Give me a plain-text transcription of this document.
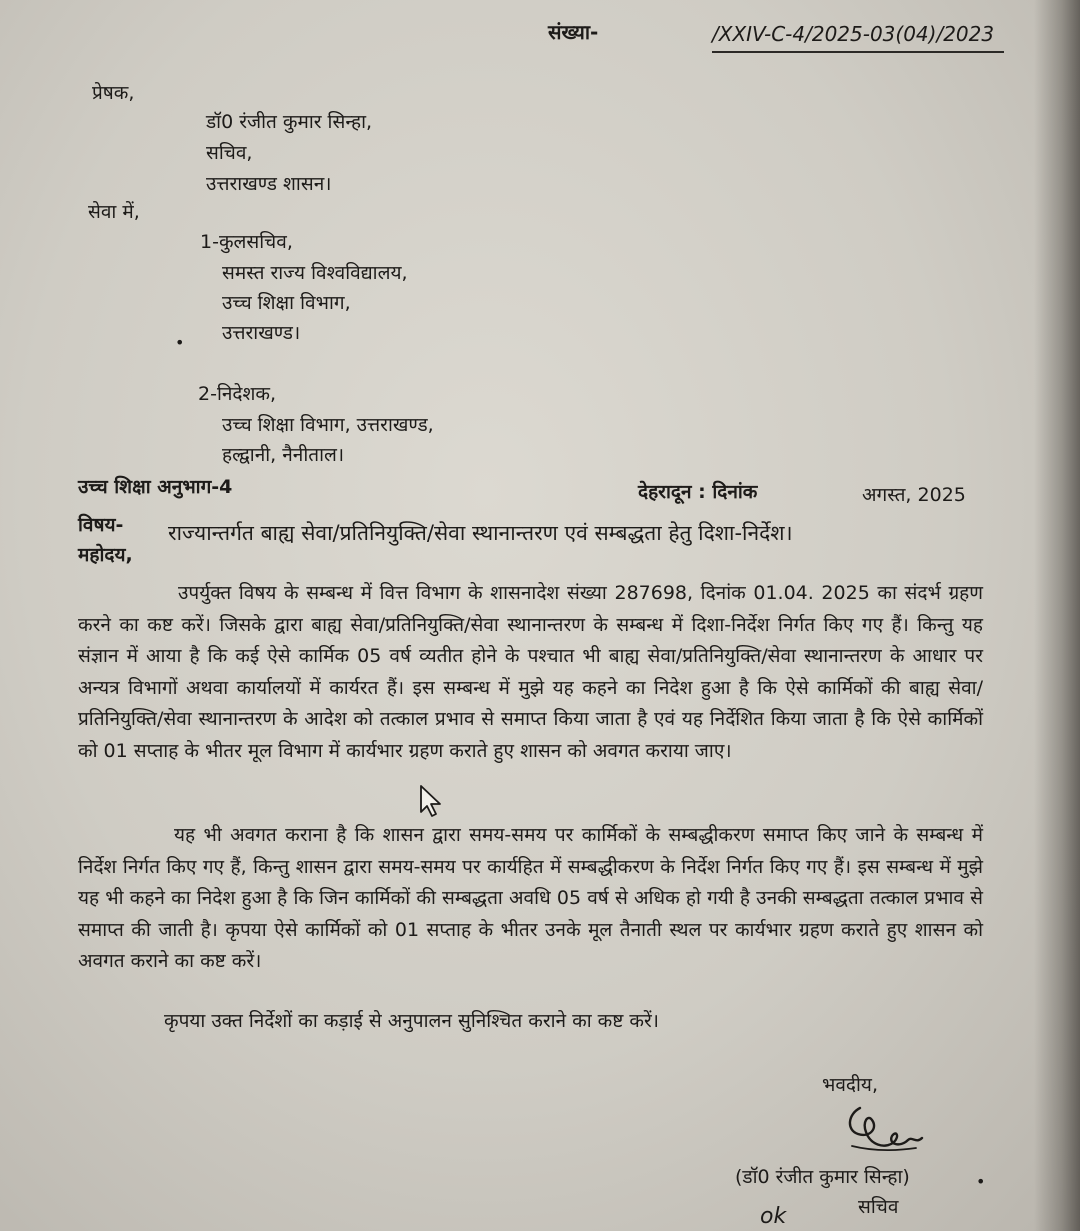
संख्या-	/XXIV-C-4/2025-03(04)/2023
प्रेषक,
डॉ0 रंजीत कुमार सिन्हा,
सचिव,
उत्तराखण्ड शासन।
सेवा में,
1-कुलसचिव,
समस्त राज्य विश्वविद्यालय,
उच्च शिक्षा विभाग,
• उत्तराखण्ड।
2-निदेशक,
उच्च शिक्षा विभाग, उत्तराखण्ड,
हल्द्वानी, नैनीताल।
उच्च शिक्षा अनुभाग-4	देहरादून : दिनांक	अगस्त, 2025
विषय- राज्यान्तर्गत बाह्य सेवा/प्रतिनियुक्ति/सेवा स्थानान्तरण एवं सम्बद्धता हेतु दिशा-निर्देश।
महोदय,
उपर्युक्त विषय के सम्बन्ध में वित्त विभाग के शासनादेश संख्या 287698, दिनांक 01.04. 2025 का संदर्भ ग्रहण करने का कष्ट करें। जिसके द्वारा बाह्य सेवा/प्रतिनियुक्ति/सेवा स्थानान्तरण के सम्बन्ध में दिशा-निर्देश निर्गत किए गए हैं। किन्तु यह संज्ञान में आया है कि कई ऐसे कार्मिक 05 वर्ष व्यतीत होने के पश्चात भी बाह्य सेवा/प्रतिनियुक्ति/सेवा स्थानान्तरण के आधार पर अन्यत्र विभागों अथवा कार्यालयों में कार्यरत हैं। इस सम्बन्ध में मुझे यह कहने का निदेश हुआ है कि ऐसे कार्मिकों की बाह्य सेवा/प्रतिनियुक्ति/सेवा स्थानान्तरण के आदेश को तत्काल प्रभाव से समाप्त किया जाता है एवं यह निर्देशित किया जाता है कि ऐसे कार्मिकों को 01 सप्ताह के भीतर मूल विभाग में कार्यभार ग्रहण कराते हुए शासन को अवगत कराया जाए।
यह भी अवगत कराना है कि शासन द्वारा समय-समय पर कार्मिकों के सम्बद्धीकरण समाप्त किए जाने के सम्बन्ध में निर्देश निर्गत किए गए हैं, किन्तु शासन द्वारा समय-समय पर कार्यहित में सम्बद्धीकरण के निर्देश निर्गत किए गए हैं। इस सम्बन्ध में मुझे यह भी कहने का निदेश हुआ है कि जिन कार्मिकों की सम्बद्धता अवधि 05 वर्ष से अधिक हो गयी है उनकी सम्बद्धता तत्काल प्रभाव से समाप्त की जाती है। कृपया ऐसे कार्मिकों को 01 सप्ताह के भीतर उनके मूल तैनाती स्थल पर कार्यभार ग्रहण कराते हुए शासन को अवगत कराने का कष्ट करें।
कृपया उक्त निर्देशों का कड़ाई से अनुपालन सुनिश्चित कराने का कष्ट करें।
भवदीय,
(डॉ0 रंजीत कुमार सिन्हा)	•
सचिव
ok
